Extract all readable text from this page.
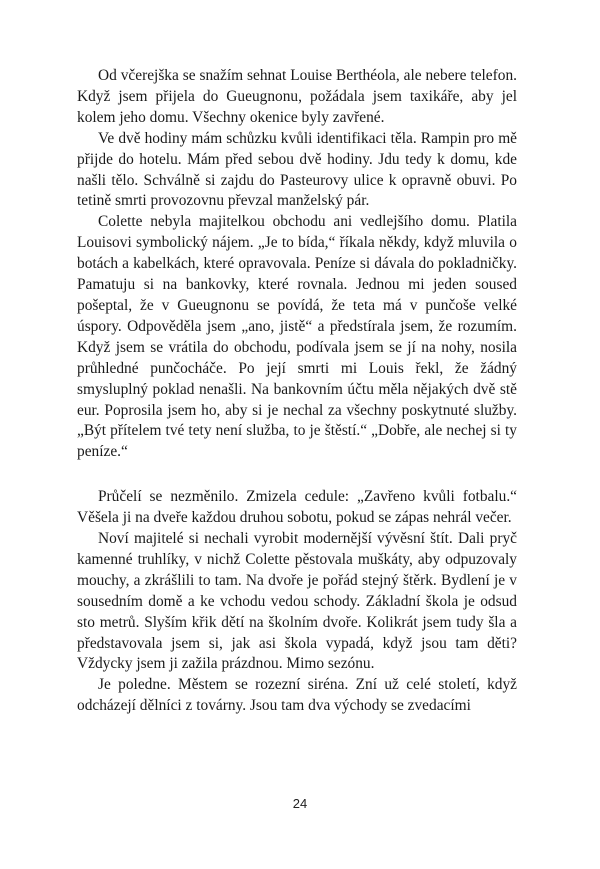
Od včerejška se snažím sehnat Louise Berthéola, ale nebere telefon. Když jsem přijela do Gueugnonu, požádala jsem taxikáře, aby jel kolem jeho domu. Všechny okenice byly zavřené.

Ve dvě hodiny mám schůzku kvůli identifikaci těla. Rampin pro mě přijde do hotelu. Mám před sebou dvě hodiny. Jdu tedy k domu, kde našli tělo. Schválně si zajdu do Pasteurovy ulice k opravně obuvi. Po tetině smrti provozovnu převzal manželský pár.

Colette nebyla majitelkou obchodu ani vedlejšího domu. Platila Louisovi symbolický nájem. „Je to bída,“ říkala někdy, když mluvila o botách a kabelkách, které opravovala. Peníze si dávala do pokladničky. Pamatuju si na bankovky, které rovnala. Jednou mi jeden soused pošeptal, že v Gueugnonu se povídá, že teta má v punčoše velké úspory. Odpověděla jsem „ano, jistě“ a předstírala jsem, že rozumím. Když jsem se vrátila do obchodu, podívala jsem se jí na nohy, nosila průhledné punčocháče. Po její smrti mi Louis řekl, že žádný smysluplný poklad nenašli. Na bankovním účtu měla nějakých dvě stě eur. Poprosila jsem ho, aby si je nechal za všechny poskytnuté služby. „Být přítelem tvé tety není služba, to je štěstí.“ „Dobře, ale nechej si ty peníze.“

Průčelí se nezměnilo. Zmizela cedule: „Zavřeno kvůli fotbalu.“ Věšela ji na dveře každou druhou sobotu, pokud se zápas nehrál večer.

Noví majitelé si nechali vyrobit modernější vývěsní štít. Dali pryč kamenné truhlíky, v nichž Colette pěstovala muškáty, aby odpuzovaly mouchy, a zkrášlili to tam. Na dvoře je pořád stejný štěrk. Bydlení je v sousedním domě a ke vchodu vedou schody. Základní škola je odsud sto metrů. Slyším křik dětí na školním dvoře. Kolikrát jsem tudy šla a představovala jsem si, jak asi škola vypadá, když jsou tam děti? Vždycky jsem ji zažila prázdnou. Mimo sezónu.

Je poledne. Městem se rozezní siréna. Zní už celé století, když odcházejí dělníci z továrny. Jsou tam dva východy se zvedacími

24
